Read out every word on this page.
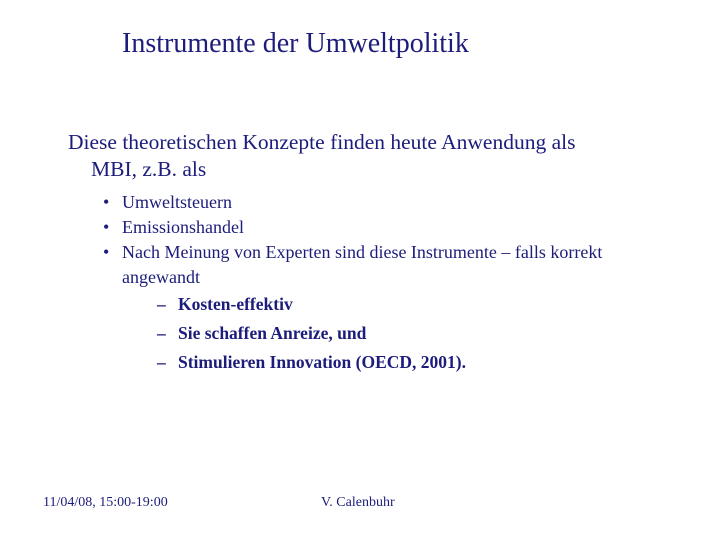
Instrumente der Umweltpolitik
Diese theoretischen Konzepte finden heute Anwendung als
MBI, z.B. als
• Umweltsteuern
• Emissionshandel
• Nach Meinung von Experten sind diese Instrumente – falls korrekt angewandt
– Kosten-effektiv
– Sie schaffen Anreize, und
– Stimulieren Innovation (OECD, 2001).
11/04/08, 15:00-19:00	V. Calenbuhr
